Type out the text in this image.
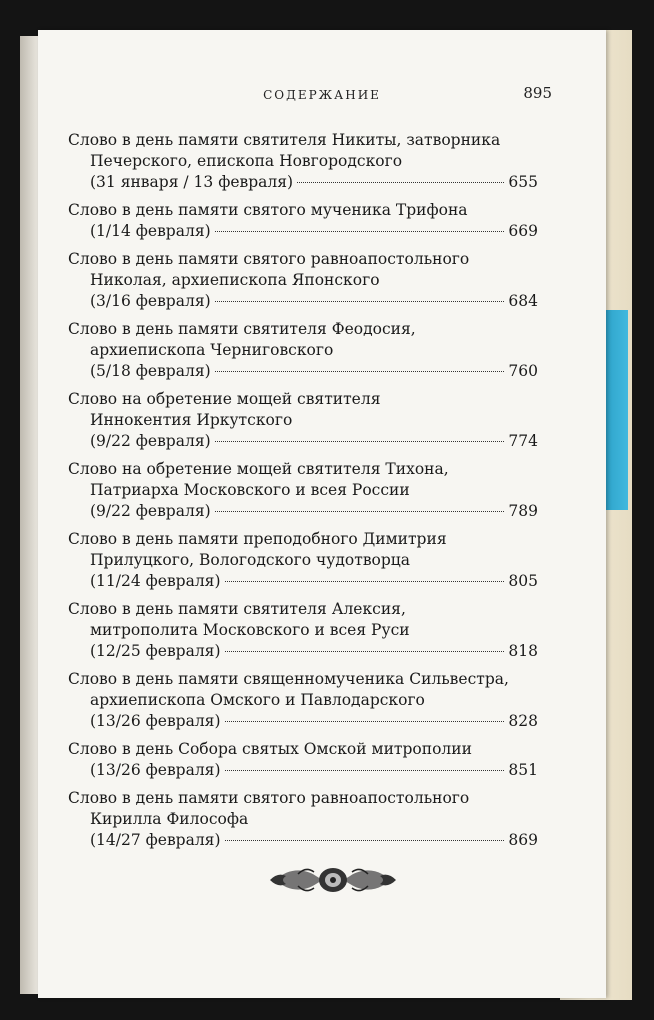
СОДЕРЖАНИЕ	895
Слово в день памяти святителя Никиты, затворника
Печерского, епископа Новгородского
(31 января / 13 февраля)	655
Слово в день памяти святого мученика Трифона
(1/14 февраля)	669
Слово в день памяти святого равноапостольного
Николая, архиепископа Японского
(3/16 февраля)	684
Слово в день памяти святителя Феодосия,
архиепископа Черниговского
(5/18 февраля)	760
Слово на обретение мощей святителя
Иннокентия Иркутского
(9/22 февраля)	774
Слово на обретение мощей святителя Тихона,
Патриарха Московского и всея России
(9/22 февраля)	789
Слово в день памяти преподобного Димитрия
Прилуцкого, Вологодского чудотворца
(11/24 февраля)	805
Слово в день памяти святителя Алексия,
митрополита Московского и всея Руси
(12/25 февраля)	818
Слово в день памяти священномученика Сильвестра,
архиепископа Омского и Павлодарского
(13/26 февраля)	828
Слово в день Собора святых Омской митрополии
(13/26 февраля)	851
Слово в день памяти святого равноапостольного
Кирилла Философа
(14/27 февраля)	869
